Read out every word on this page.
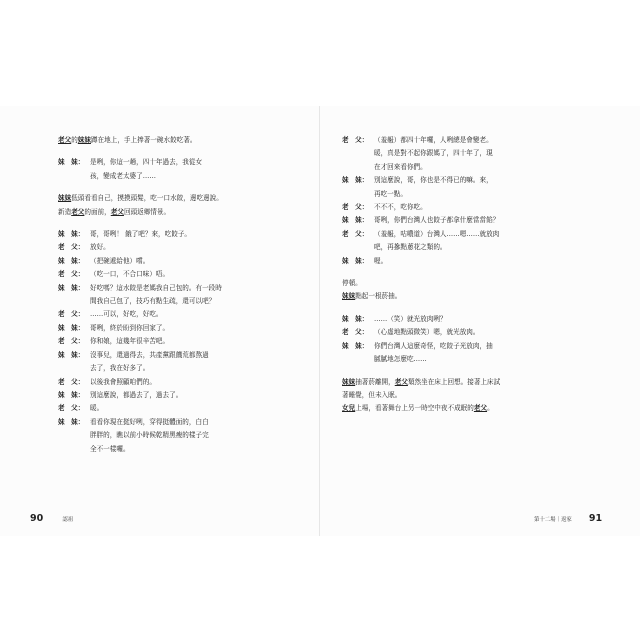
老父的妹妹蹲在地上，手上捧著一碗水餃吃著。

妹　妹： 是咧，你這一趟，四十年過去，我從女
孩，變成老太婆了……

妹妹低頭看看自己，摸摸頭髮，吃一口水餃，邊吃邊說。

新造老父的面前，老父回頭返鄉情景。

妹　妹： 哥，哥咧！ 餓了吧？來，吃餃子。
老　父： 放好。
妹　妹： （把碗遞給他）嚐。
老　父： （吃一口，不合口味）唔。
妹　妹： 好吃嗎？這水餃是老媽我自己包的。有一段時
間我自己包了，技巧有點生疏，還可以吧？
老　父： ……可以，好吃，好吃。
妹　妹： 哥咧，終於盼到你回家了。
老　父： 你和娘，這幾年很辛苦吧。
妹　妹： 沒事兒，還過得去，共產黨跟饑荒都熬過
去了，我在好多了。
老　父： 以後我會照顧咱們的。
妹　妹： 別這麼說，都過去了，過去了。
老　父： 暖。
妹　妹： 看看你現在挺好咧，穿得挺體面的，白白
胖胖的，瞧以前小時候乾精黑瘦的樣子完
全不一樣囉。
90	認祖
老　父： （羞赧）都四十年囉，人咧總是會變老。
暖，真是對不起你跟媽了，四十年了，現
在才回來看你們。
妹　妹： 別這麼說，哥，你也是不得已的嘛。來，
再吃一點。
老　父： 不不不，吃你吃。
妹　妹： 哥咧，你們台灣人也餃子都拿什麼當當餡？
老　父： （羞赧，咕噥道）台灣人……嗯……就放肉
吧，再摻點蔥花之類的。
妹　妹： 喔。

停頓。

妹妹點起一根菸抽。

妹　妹： ……（笑）就光放肉咧？
老　父： （心虛地點頭微笑）嗯，就光放肉。
妹　妹： 你們台灣人這麼奇怪，吃餃子光放肉，抽
膩膩地怎麼吃……

妹妹抽著菸離開，老父頹然坐在床上回想。接著上床試

著睡覺，但未入眠。

女兒上場，看著舞台上另一時空中夜不成眠的老父。

第十二場｜返家 91
